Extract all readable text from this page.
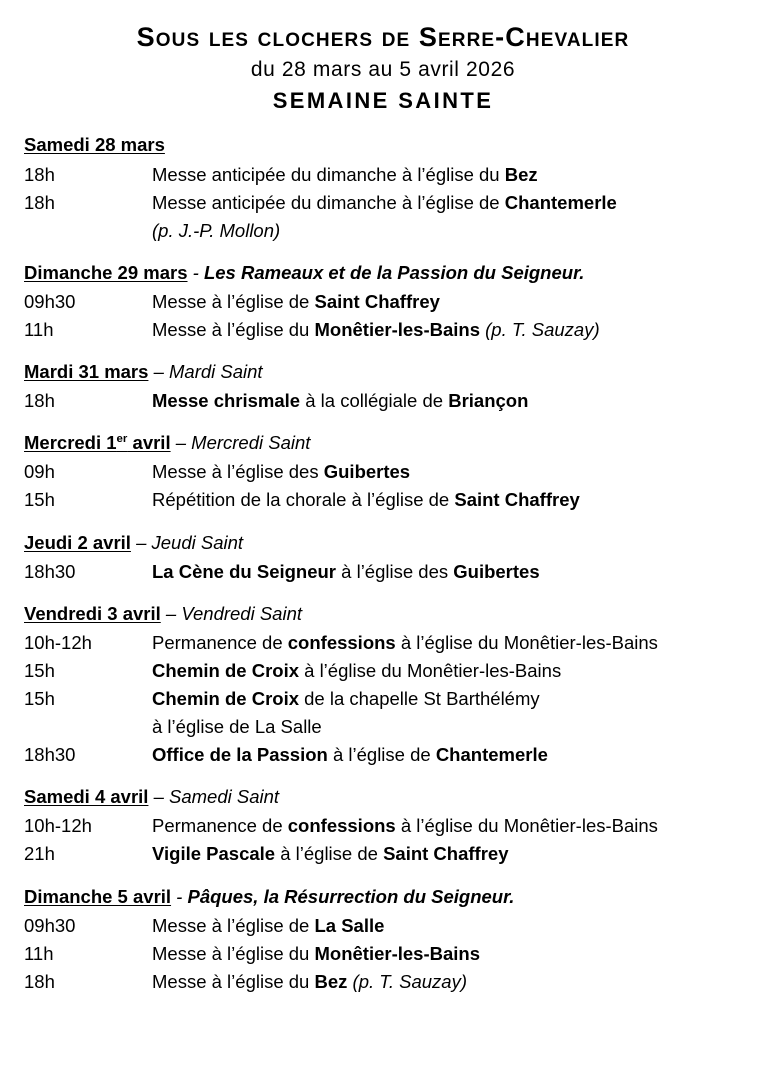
Sous les clochers de Serre-Chevalier
du 28 mars au 5 avril 2026
SEMAINE SAINTE
Samedi 28 mars
18h	Messe anticipée du dimanche à l’église du Bez
18h	Messe anticipée du dimanche à l’église de Chantemerle

(p. J.-P. Mollon)
Dimanche 29 mars - Les Rameaux et de la Passion du Seigneur.
09h30	Messe à l’église de Saint Chaffrey
11h	Messe à l’église du Monêtier-les-Bains (p. T. Sauzay)
Mardi 31 mars – Mardi Saint
18h	Messe chrismale à la collégiale de Briançon
Mercredi 1er avril – Mercredi Saint
09h	Messe à l’église des Guibertes
15h	Répétition de la chorale à l’église de Saint Chaffrey
Jeudi 2 avril – Jeudi Saint
18h30	La Cène du Seigneur à l’église des Guibertes
Vendredi 3 avril – Vendredi Saint
10h-12h	Permanence de confessions à l’église du Monêtier-les-Bains
15h	Chemin de Croix à l’église du Monêtier-les-Bains
15h	Chemin de Croix de la chapelle St Barthélémy

à l’église de La Salle
18h30	Office de la Passion à l’église de Chantemerle
Samedi 4 avril – Samedi Saint
10h-12h	Permanence de confessions à l’église du Monêtier-les-Bains
21h	Vigile Pascale à l’église de Saint Chaffrey
Dimanche 5 avril - Pâques, la Résurrection du Seigneur.
09h30	Messe à l’église de La Salle
11h	Messe à l’église du Monêtier-les-Bains
18h	Messe à l’église du Bez (p. T. Sauzay)
